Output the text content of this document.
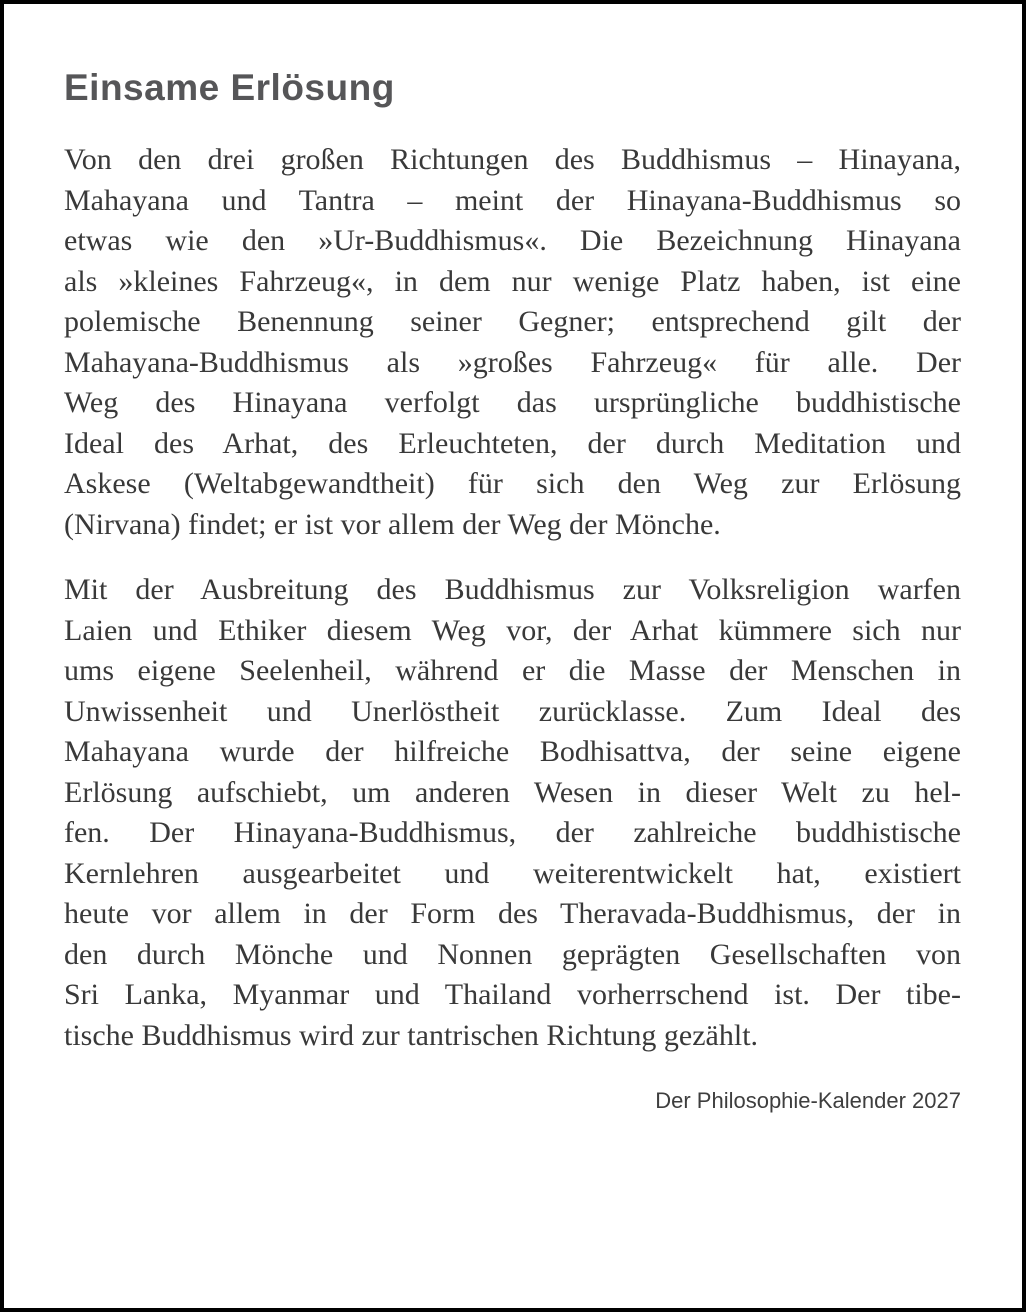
Einsame Erlösung
Von den drei großen Richtungen des Buddhismus – Hinayana,
Mahayana und Tantra – meint der Hinayana-Buddhismus so
etwas wie den »Ur-Buddhismus«. Die Bezeichnung Hinayana
als »kleines Fahrzeug«, in dem nur wenige Platz haben, ist eine
polemische Benennung seiner Gegner; entsprechend gilt der
Mahayana-Buddhismus als »großes Fahrzeug« für alle. Der
Weg des Hinayana verfolgt das ursprüngliche buddhistische
Ideal des Arhat, des Erleuchteten, der durch Meditation und
Askese (Weltabgewandtheit) für sich den Weg zur Erlösung
(Nirvana) findet; er ist vor allem der Weg der Mönche.
Mit der Ausbreitung des Buddhismus zur Volksreligion warfen
Laien und Ethiker diesem Weg vor, der Arhat kümmere sich nur
ums eigene Seelenheil, während er die Masse der Menschen in
Unwissenheit und Unerlöstheit zurücklasse. Zum Ideal des
Mahayana wurde der hilfreiche Bodhisattva, der seine eigene
Erlösung aufschiebt, um anderen Wesen in dieser Welt zu hel-
fen. Der Hinayana-Buddhismus, der zahlreiche buddhistische
Kernlehren ausgearbeitet und weiterentwickelt hat, existiert
heute vor allem in der Form des Theravada-Buddhismus, der in
den durch Mönche und Nonnen geprägten Gesellschaften von
Sri Lanka, Myanmar und Thailand vorherrschend ist. Der tibe-
tische Buddhismus wird zur tantrischen Richtung gezählt.
Der Philosophie-Kalender 2027
